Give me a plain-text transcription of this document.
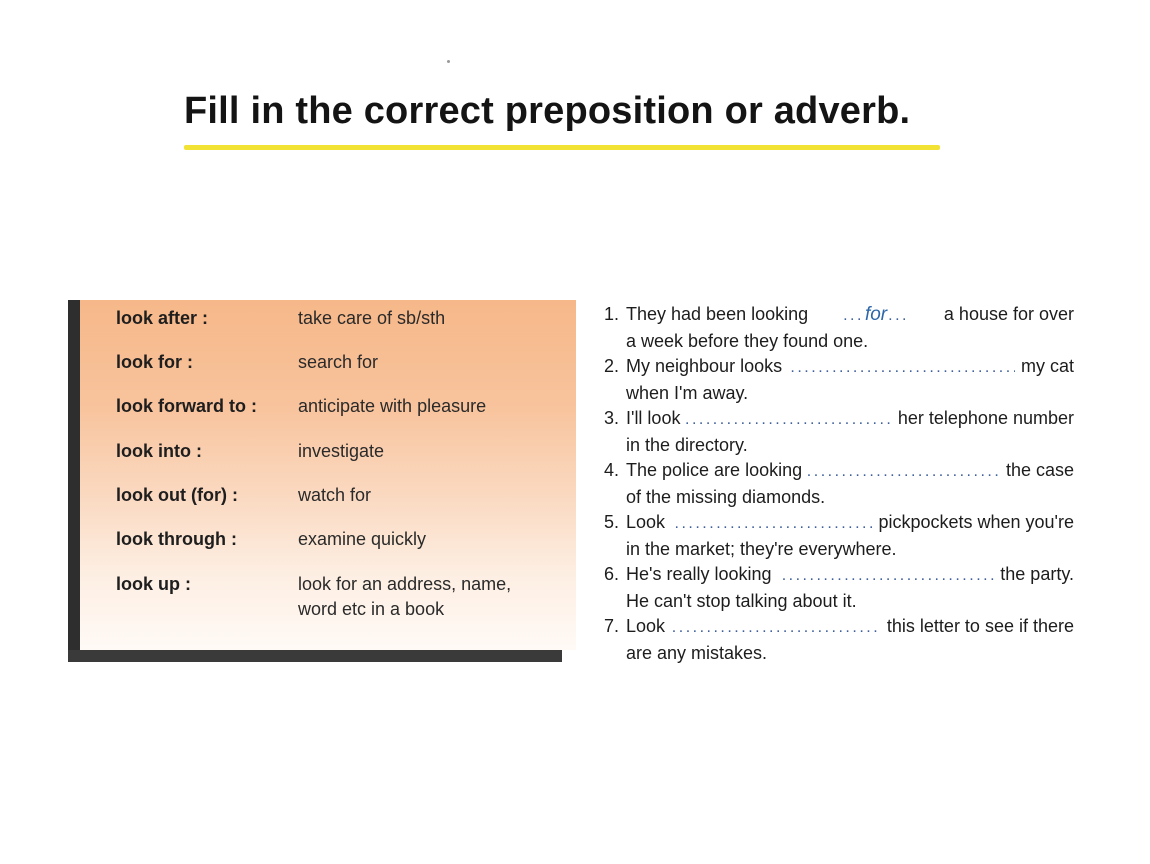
Fill in the correct preposition or adverb.
look after :	take care of sb/sth
look for :	search for
look forward to : anticipate with pleasure
look into :	investigate
look out (for) :	watch for
look through :	examine quickly
look up :	look for an address, name, word etc in a book
1. They had been looking ... for ... a house for over
a week before they found one.
2. My neighbour looks .....	my cat
when I'm away.
3. I'll look .....	her telephone number
in the directory.
4. The police are looking .....	the case
of the missing diamonds.
5. Look .....	pickpockets when you're
in the market; they're everywhere.
6. He's really looking .....	the party.
He can't stop talking about it.
7. Look .....	this letter to see if there
are any mistakes.
